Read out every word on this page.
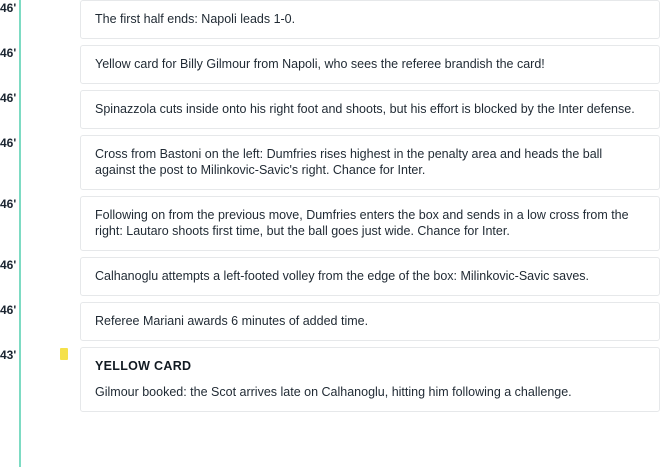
46'
The first half ends: Napoli leads 1-0.
46'
Yellow card for Billy Gilmour from Napoli, who sees the referee brandish the card!
46'
Spinazzola cuts inside onto his right foot and shoots, but his effort is blocked by the Inter defense.
46'
Cross from Bastoni on the left: Dumfries rises highest in the penalty area and heads the ball against the post to Milinkovic-Savic's right. Chance for Inter.
46'
Following on from the previous move, Dumfries enters the box and sends in a low cross from the right: Lautaro shoots first time, but the ball goes just wide. Chance for Inter.
46'
Calhanoglu attempts a left-footed volley from the edge of the box: Milinkovic-Savic saves.
46'
Referee Mariani awards 6 minutes of added time.
43'
YELLOW CARD
Gilmour booked: the Scot arrives late on Calhanoglu, hitting him following a challenge.
